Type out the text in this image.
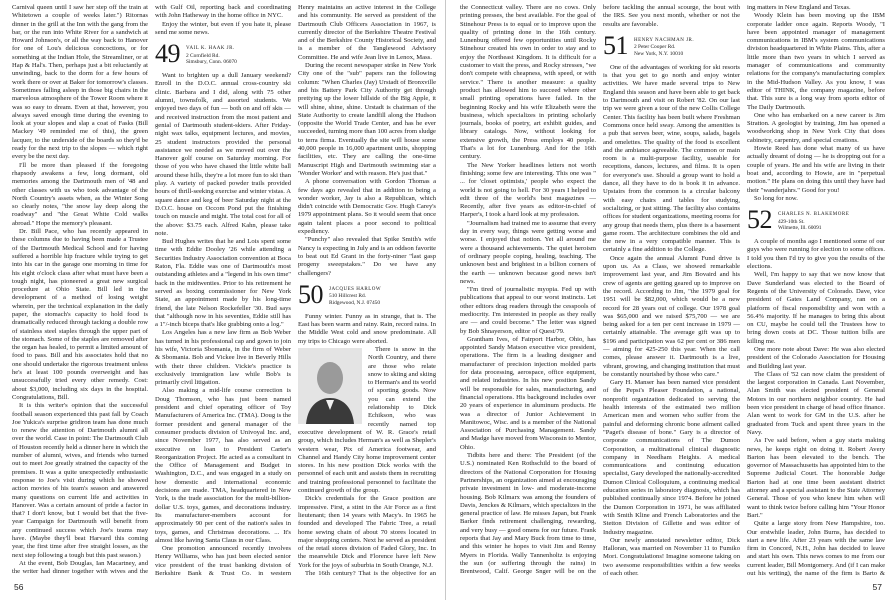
Carnival queen until I saw her step off the train at Whitetown a couple of weeks later.") Ritornas dinner in the grill at the Inn with the gang from the bar, or the run into White River for a sandwich at Howard Johnson's, or all the way back to Hanover for one of Lou's delicious concoctions, or for something at the Indian Hole, the Streamliner, or at Hap & Hal's. Then, perhaps just a bit reluctantly at unwinding, back to the dorm for a few hours of work there or over at Baker for tomorrow's classes. Sometimes falling asleep in those big chairs in the marvelous atmosphere of the Tower Room where it was so easy to dream. Even at that, however, you always saved enough time during the evening to look at your slopes and slap a coat of Fasks (Bill Mackey '49 reminded me of this), the green lacquer, to the underside of the boards so they'd be ready for the next trip to the slopes — which right every be the next day.

I'll be more than pleased if the foregoing rhapsody awakens a few, long dormant, old memories among the Dartmouth men of '48 and other classes with us who took advantage of the North Country's assets when, as the Winter Song so clearly notes, "the snow lay deep along the roadway" and "the Great White Cold walks abroad." Hope the memory's pleasant.

Dr. Bill Pace, who has recently appeared in these columns due to having been made a Trustee of the Dartmouth Medical School and for having suffered a horrible hip fracture while trying to get into his car in the garage one morning in time for his eight o'clock class after what must have been a tough night, has pioneered a great new surgical procedure at Ohio State. Bill led in the development of a method of losing weight wherein, per the technical explanation in the daily paper, the stomach's capacity to hold food is dramatically reduced through tacking a double row of stainless steel staples through the upper part of the stomach. Some of the staples are removed after the organ has healed, to permit a limited amount of food to pass. Bill and his associates hold that no one should undertake the rigorous treatment unless he's at least 100 pounds overweight and has unsuccessfully tried every other remedy. Cost: about $3,000, including six days in the hospital. Congratulations, Bill.

It is this writer's opinion that the successful football season experienced this past fall by Coach Joe Yukica's surprise gridiron team has done much to renew the attention of Dartmouth alumni all over the world. Case in point: The Dartmouth Club of Houston recently held a dinner here in which the number of alumni, wives, and friends who turned out to meet Joe greatly strained the capacity of the premises. It was a quite unexpectedly enthusiastic response to Joe's visit during which he showed action movies of his team's season and answered many questions on current life and activities in Hanover. Was a certain amount of pride a factor in that? I don't know, but I would bet that the five-year Campaign for Dartmouth will benefit from any continued success which Joe's teams may have. (Maybe they'll beat Harvard this coming year, the first time after five straight losses, as the next step following a tough but this past season.)

At the event, Bob Douglas, Ian Macartney, and the writer had dinner together with wives and the

with Gulf Oil, reporting back and coordinating with John Hatheway in the home office in NYC.

Enjoy the winter, but even if you hate it, please send me some news.

49 VAIL K. HAAK JR.
2 Cornfield Rd.
Simsbury, Conn. 06070

Want to brighten up a dull January weekend? Enroll in the D.O.C. annual cross-country ski clinic. Barbara and I did, along with 75 other alumni, townsfolk, and assorted students. We enjoyed two days of fun — both on and off skis — and received instruction from the most patient and genial of Dartmouth student-skiers. After Friday-night wax talks, equipment lectures, and movies, 25 student instructors provided the personal assistance we needed as we moved out over the Hanover golf course on Saturday morning. For those of you who have chased the little white ball around these hills, they're a lot more fun to ski than play. A variety of packed powder trails provided hours of thrill-seeking exercise and winter vistas. A square dance and keg of beer Saturday night at the D.O.C. house on Occom Pond put the finishing touch on muscle and might. The total cost for all of the above: $3.75 each. Alfred Kahn, please take note.

Bud Hughes writes that he and Lois spent some time with Eddie Dooley '26 while attending a Securities Industry Association convention at Boca Raton, Fla. Eddie was one of Dartmouth's most outstanding athletes and a "legend in his own time" back in the midtwenties. Prior to his retirement he served as boxing commissioner for New York State, an appointment made by his long-time friend, the late Nelson Rockefeller '30. Bud says that "although now in his seventies, Eddie still has a 1"/-inch biceps that's like grabbing onto a log."

Los Angeles has a new law firm as Bob Weber has turned in his professional cap and gown to join his wife, Victoria Sbomania, in the firm of Weber & Sbomania. Bob and Vickee live in Beverly Hills with their three children. Vickie's practice is exclusively immigration law while Bob's is primarily civil litigation.

Also making a mid-life course correction is Doug Thomson, who has just been named president and chief operating officer of Toy Manufacturers of America Inc. (TMA). Doug is the former president and general manager of the consumer products division of Univoyal Inc. and, since November 1977, has also served as an executive on loan to President Carter's Reorganization Project. He acted as a consultant in the Office of Management and Budget in Washington, D.C., and was engaged in a study on how domestic and international economic decisions are made. TMA, headquartered in New York, is the trade association for the multi-billion-dollar U.S. toys, games, and decorations industry. Its manufacturer-members account for approximately 90 per cent of the nation's sales in toys, games, and Christmas decorations. ... It's almost like having Santa Claus in our Class.

One promotion announced recently involves Henry Williams, who has just been elected senior vice president of the trust banking division of Berkshire Bank & Trust Co. in western

Henry maintains an active interest in the College and his community. He served as president of the Dartmouth Club Officers Association in 1967, is currently director of the Berkshire Theatre Festival and of the Berkshire County Historical Society, and is a member of the Tanglewood Advisory Committee. He and wife Jean live in Lenox, Mass.

During the recent newspaper strike in New York City one of the "sub" papers ran the following column: "When Charles (Jay) Urstadt of Bronxville and his Battery Park City Authority get through prettying up the lower hillside of the Big Apple, it will shine, shine, shine. Urstadt is chairman of the State Authority to create landfill along the Hudson (opposite the World Trade Center, and has he ever succeeded, turning more than 100 acres from sludge to terra firma. Eventually the site will house some 40,000 people in 16,000 apartment units, shopping facilities, etc. They are calling the one-time Manuscript High and Dartmouth swimming star a 'Wonder Worker' and with reason. He's just that."

A phone conversation with Gordon Thomas a few days ago revealed that in addition to being a wonder worker, Jay is also a Republican, which didn't coincide with Democratic Gov. Hugh Carey's 1979 appointment plans. So it would seem that once again talent places a poor second to political expediency.

"Punchy" also revealed that Spike Smith's wife Nancy is expecting in July and is an oddson favorite to beat out Ed Grant in the forty-niner "last gasp progeny sweepstakes." Do we have any challengers?

50 JACQUES HARLOW
510 Hillcrest Rd.
Ridgewood, N.J. 07450

Funny winter. Funny as in strange, that is. The East has been warm and rainy. Rain, record rains. In the Middle West cold and snow predominate. All my trips to Chicago were aborted.

There is snow in the North Country, and there are those who relate snow to skiing and skiing to Herman's and its world of sporting goods. Now you can extend the relationship to Dick Echikson, who was recently named top executive development of W. R. Grace's retail group, which includes Herman's as well as Shepler's western wear, Pix of America footwear, and Channel and Handy City home improvement center stores. In his new position Dick works with the personnel of each unit and assists them in recruiting and training professional personnel to facilitate the continued growth of the group.

Dick's credentials for the Grace position are impressive. First, a stint in the Air Force as a first lieutenant; then 14 years with Macy's. In 1965 he founded and developed The Fabric Tree, a retail home sewing chain of about 70 stores located in major shopping centers. Next he served as president of the retail stores division of Faded Glory, Inc. In the meanwhile Dick and Florence have left New York for the joys of suburbia in South Orange, N.J.

The 16th century? That is the objective for an

56

the Connecticut valley. There are no cows. Only printing presses, the best available. For the goal of Stinehour Press is to equal or to improve upon the quality of printing done in the 16th century. Lunenburg offered few opportunities until Rocky Stinehour created his own in order to stay and to enjoy the Northeast Kingdom. It is difficult for a customer to visit the press, and Rocky stresses, "we don't compete with cheapness, with speed, or with service." There is another measure: a quality product has allowed him to succeed where other small printing operations have failed. In the beginning Rocky and his wife Elizabeth were the business, which specializes in printing scholarly journals, books of poetry, art exhibit guides, and library catalogs. Now, without looking for extensive growth, the Press employs 40 people. That's a lot for Lunenburg. And for the 16th century.

The New Yorker headlines letters not worth finishing; some few are interesting. This one was " ... for 'closet optimists,' people who expect the world is not going to hell. For 30 years I helped to edit three of the world's best magazines — Recently, after five years as editor-in-chief of Harper's, I took a hard look at my profession.

"Journalism had trained me to assume that every day in every way, things were getting worse and worse. I enjoyed that notion. Yet all around me were a thousand achievements. The quiet heroism of ordinary people coping, healing, teaching. The unknown best and brightest in a billion corners of the earth — unknown because good news isn't news.

"I'm tired of journalistic myopia. Fed up with publications that appeal to our worst instincts. Let other editors drag readers through the cesspools of mediocrity. I'm interested in people as they really are — and could become." The letter was signed by Bob Shnayerson, editor of Quest/79.

Grantham Ives, of Fairport Harbor, Ohio, has appointed Sandy Matson executive vice president, operations. The firm is a leading designer and manufacturer of precision injection molded parts for data processing, aerospace, office equipment, and related industries. In his new position Sandy will be responsible for sales, manufacturing, and financial operations. His background includes over 20 years of experience in aluminum products. He was a director of Junior Achievement in Manitowoc, Wisc. and is a member of the National Association of Purchasing Management. Sandy and Madge have moved from Wisconsin to Mentor, Ohio.

Tidbits here and there: The President (of the U.S.) nominated Ken Rothschild to the board of directors of the National Corporation for Housing Partnerships, an organization aimed at encouraging private investment in low- and moderate-income housing. Bob Kilmarx was among the founders of Davis, Jenckes & Kilmarx, which specializes in the general practice of law. He misses Japan, but Frank Barker finds retirement challenging, rewarding, and very busy — good omens for our future. Frank reports that Jay and Mary Buck from time to time, and this winter he hopes to visit Jim and Renny Myers in Florida. Wally Tannenholtz is enjoying the sun (or suffering through the rains) in Brentwood, Calif. George Snger will be on the

before tackling the annual scourge, the bout with the IRS. See you next month, whether or not the results are favorable.

51 HENRY NACHMAN JR.
2 Peter Cooper Rd.
New York, N.Y. 10010

One of the advantages of working for ski resorts is that you get to go north and enjoy winter activities. We have made several trips to New England this season and have been able to get back to Dartmouth and visit on Robert '82. On our last trip we were given a tour of the new Collis College Center. This facility has been built where Freshman Commons once held sway. Among the amenities is a pub that serves beer, wine, soups, salads, bagels and omelettes. The quality of the food is excellent and the ambiance agreeable. The common or main room is a multi-purpose facility, useable for receptions, dances, lectures, and films. It is open for everyone's use. Should a group want to hold a dance, all they have to do is book it in advance. Upstairs from the common is a circular balcony with easy chairs and tables for studying, socializing, or just sitting. The facility also contains offices for student organizations, meeting rooms for any group that needs them, plus there is a basement game room. The architecture combines the old and the new in a very compatible manner. This is certainly a fine addition to the College.

Once again the annual Alumni Fund drive is upon us. As a Class, we showed remarkable improvement last year, and Jim Bovaird and his crew of agents are getting geared up to improve on the record. According to Jim, "the 1979 goal for 1951 will be $82,000, which would be a new record for 28 years out of college. Our 1978 goal was $65,000 and we raised $75,700 — we are being asked for a ten per cent increase in 1979 — certainly attainable. The average gift was up to $196 and participation was 62 per cent or 386 men — aiming for 425-250 this year. When the call comes, please answer it. Dartmouth is a live, vibrant, growing, and changing institution that must be constantly nourished by those who care."

Gary H. Manser has been named vice president of the Pepsi's Pleaser Foundation, a national, nonprofit organization dedicated to serving the health interests of the estimated two million American men and women who suffer from the painful and deforming chronic bone ailment called "Paget's disease of bone." Gary is a director of corporate communications of The Dumon Corporation, a multinational clinical diagnostic company in Needham Heights. A medical communications and continuing education specialist, Gary developed the nationally-accredited Dumon Clinical Colloquium, a continuing medical education series in laboratory diagnosis, which has published continually since 1974. Before he joined the Dumon Corporation in 1971, he was affiliated with Smith Kline and French Laboratories and the Stetton Division of Gillette and was editor of Industry magazine.

Our newly annotated newsletter editor, Dick Halloran, was married on November 11 to Fumiko Mori. Congratulations! Imagine someone taking on two awesome responsibilities within a few weeks of each other.

ing matters in New England and Texas.

Woody Klein has been moving up the IBM corporate ladder once again. Reports Woody, "I have been appointed manager of management communications in IBM's system communications division headquartered in White Plains. This, after a little more than two years in which I served as manager of communications and community relations for the company's manufacturing complex in the Mid-Hudson Valley. As you know, I was editor of THINK, the company magazine, before that. This sure is a long way from sports editor of The Daily Dartmouth.

One who has embarked on a new career is Jim Stratton. A geologist by training, Jim has opened a woodworking shop in New York City that does cabinetry, carpentry, and special creations.

Howie Reed has done what many of us have actually dreamt of doing — he is dropping out for a couple of years. He and his wife are living in their boat and, according to Howie, are in "perpetual motion." He plans on doing this until they have had their "wanderjahrs." Good for you!

So long for now.

52 CHARLES N. BLAKEMORE
429-10th St.
Wilmette, Ill. 60091

A couple of months ago I mentioned some of our guys who were running for election to some offices. I told you then I'd try to give you the results of the elections.

Well, I'm happy to say that we now know that Dave Sunderland was elected to the Board of Regents of the University of Colorado. Dave, vice president of Gates Land Company, ran on a platform of fiscal responsibility and won with a 56.4% majority. If he manages to bring this about on CU, maybe he could tell the Trustees how to bring down costs at DC. Those tuition bills are killing me.

One more note about Dave: He was also elected president of the Colorado Association for Housing and Building last year.

The Class of '52 can now claim the president of the largest corporation in Canada. Last November, Alan Smith was elected president of General Motors in our northern neighbor country. He had been vice president in charge of head office finance. Alan went to work for GM in the U.S. after he graduated from Tuck and spent three years in the Navy.

As I've said before, when a guy starts making news, he keeps right on doing it. Robert Avery Barton has been elevated to the bench. The governor of Massachusetts has appointed him to the Supreme Judicial Court. The honorable Judge Barton had at one time been assistant district attorney and a special assistant to the State Attorney General. Those of you who knew him when will want to think twice before calling him "Your Honor Bart."

Quite a large story from New Hampshire, too. Our erstwhile leader, John Burns, has decided to start a new life. After 23 years with the same law firm in Concord, N.H., John has decided to leave and start his own. This news comes to me from our current leader, Bill Montgomery. And (if I can make out his writing), the name of the firm is Barto &

57
